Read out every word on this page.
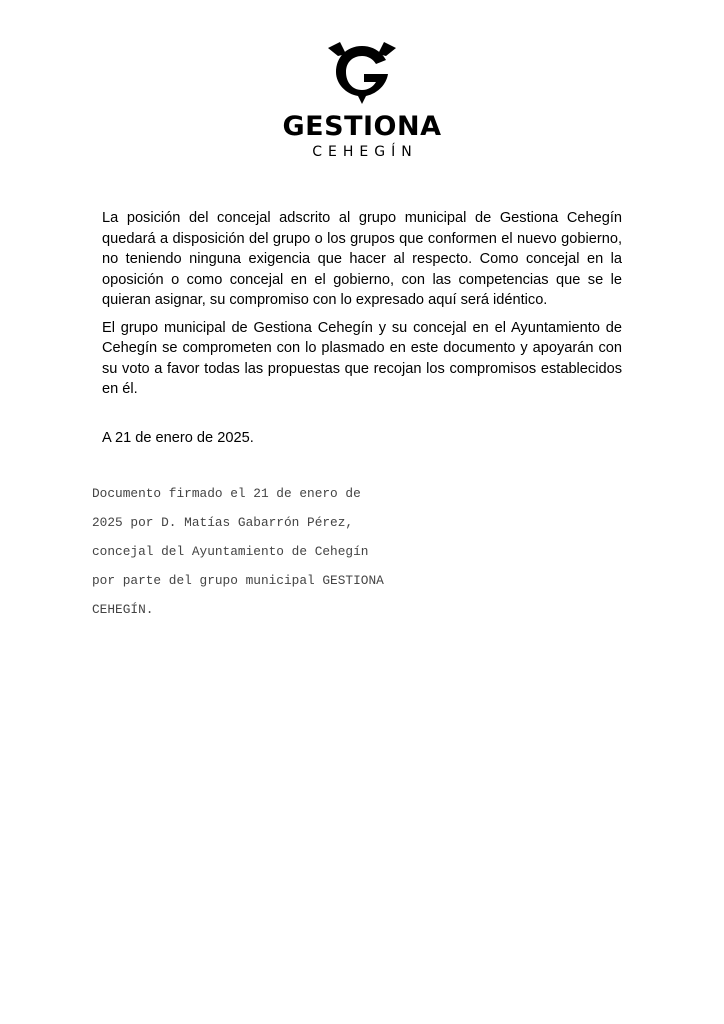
GESTIONA
CEHEGÍN

La posición del concejal adscrito al grupo municipal de Gestiona Cehegín quedará a disposición del grupo o los grupos que conformen el nuevo gobierno, no teniendo ninguna exigencia que hacer al respecto. Como concejal en la oposición o como concejal en el gobierno, con las competencias que se le quieran asignar, su compromiso con lo expresado aquí será idéntico.

El grupo municipal de Gestiona Cehegín y su concejal en el Ayuntamiento de Cehegín se comprometen con lo plasmado en este documento y apoyarán con su voto a favor todas las propuestas que recojan los compromisos establecidos en él.

A 21 de enero de 2025.

Documento firmado el 21 de enero de

2025 por D. Matías Gabarrón Pérez,

concejal del Ayuntamiento de Cehegín

por parte del grupo municipal GESTIONA

CEHEGÍN.
